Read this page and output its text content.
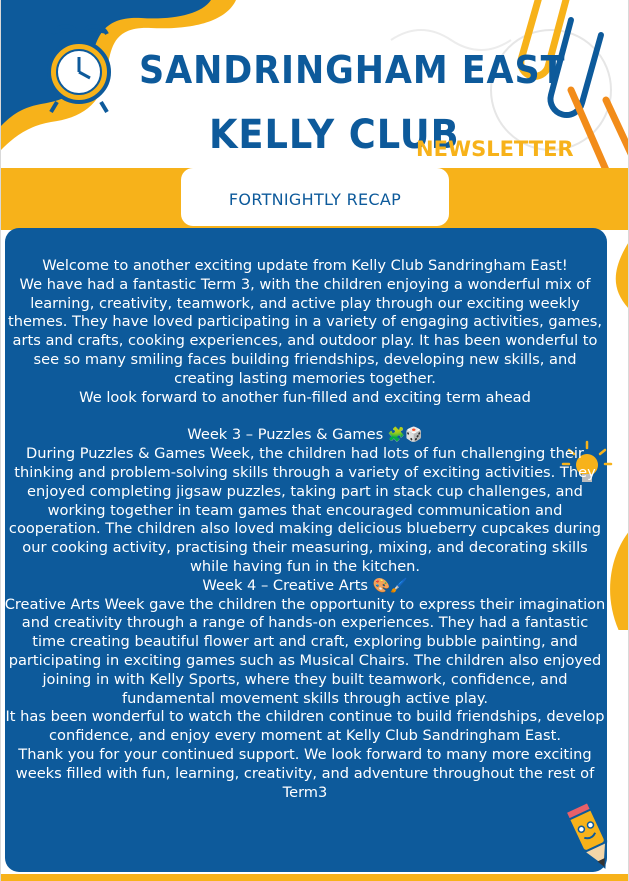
SANDRINGHAM EAST
KELLY CLUB
NEWSLETTER
FORTNIGHTLY RECAP

Welcome to another exciting update from Kelly Club Sandringham East!

We have had a fantastic Term 3, with the children enjoying a wonderful mix of learning, creativity, teamwork, and active play through our exciting weekly themes. They have loved participating in a variety of engaging activities, games, arts and crafts, cooking experiences, and outdoor play. It has been wonderful to see so many smiling faces building friendships, developing new skills, and creating lasting memories together.

We look forward to another fun-filled and exciting term ahead

Week 3 – Puzzles & Games 🧩🎲

During Puzzles & Games Week, the children had lots of fun challenging their thinking and problem-solving skills through a variety of exciting activities. They enjoyed completing jigsaw puzzles, taking part in stack cup challenges, and working together in team games that encouraged communication and cooperation. The children also loved making delicious blueberry cupcakes during our cooking activity, practising their measuring, mixing, and decorating skills while having fun in the kitchen.

Week 4 – Creative Arts 🎨🖌️

Creative Arts Week gave the children the opportunity to express their imagination and creativity through a range of hands-on experiences. They had a fantastic time creating beautiful flower art and craft, exploring bubble painting, and participating in exciting games such as Musical Chairs. The children also enjoyed joining in with Kelly Sports, where they built teamwork, confidence, and fundamental movement skills through active play.

It has been wonderful to watch the children continue to build friendships, develop confidence, and enjoy every moment at Kelly Club Sandringham East.

Thank you for your continued support. We look forward to many more exciting weeks filled with fun, learning, creativity, and adventure throughout the rest of Term3
